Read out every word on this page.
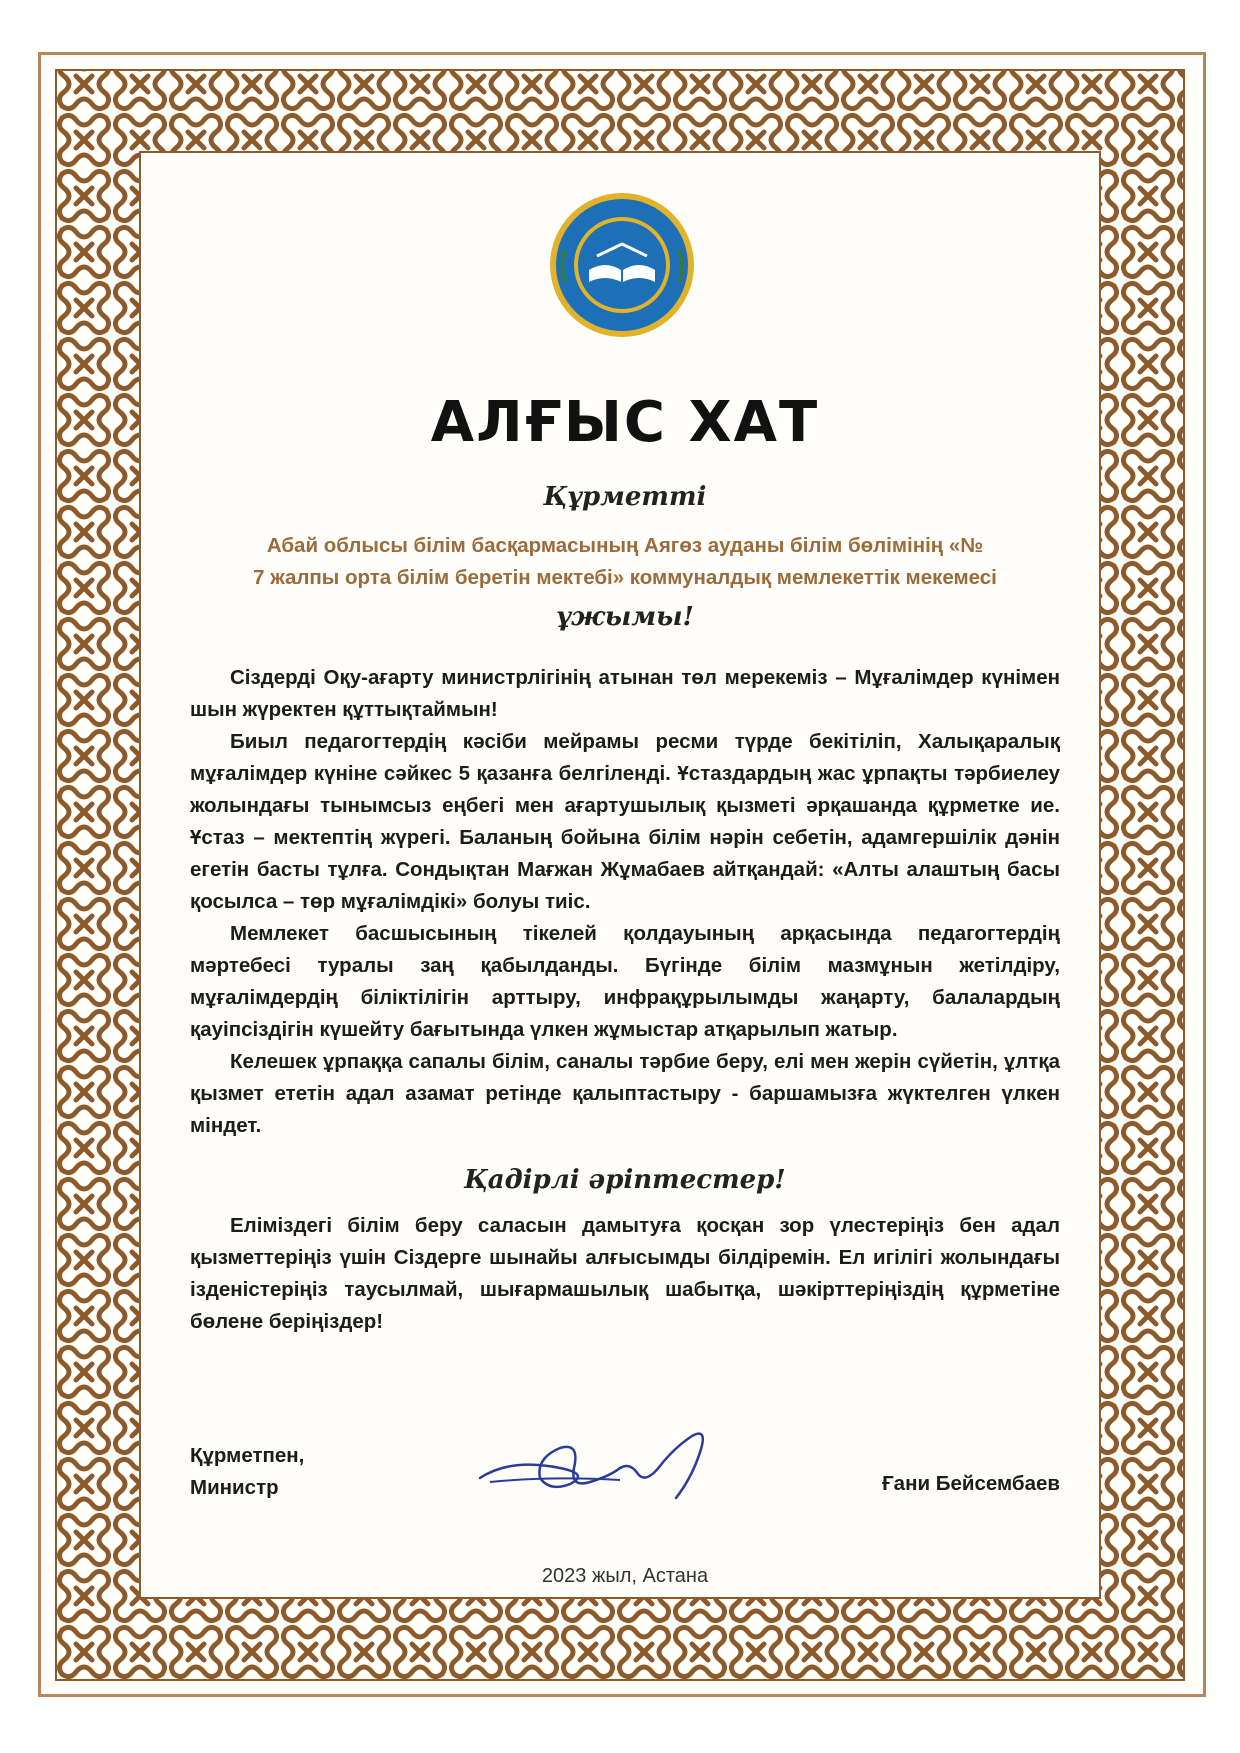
АЛҒЫС ХАТ
Құрметті
Абай облысы білім басқармасының Аягөз ауданы білім бөлімінің «№
7 жалпы орта білім беретін мектебі» коммуналдық мемлекеттік мекемесі
ұжымы!

Сіздерді Оқу-ағарту министрлігінің атынан төл мерекеміз – Мұғалімдер күнімен шын жүректен құттықтаймын!

Биыл педагогтердің кәсіби мейрамы ресми түрде бекітіліп, Халықаралық мұғалімдер күніне сәйкес 5 қазанға белгіленді. Ұстаздардың жас ұрпақты тәрбиелеу жолындағы тынымсыз еңбегі мен ағартушылық қызметі әрқашанда құрметке ие. Ұстаз – мектептің жүрегі. Баланың бойына білім нәрін себетін, адамгершілік дәнін егетін басты тұлға. Сондықтан Мағжан Жұмабаев айтқандай: «Алты алаштың басы қосылса – төр мұғалімдікі» болуы тиіс.

Мемлекет басшысының тікелей қолдауының арқасында педагогтердің мәртебесі туралы заң қабылданды. Бүгінде білім мазмұнын жетілдіру, мұғалімдердің біліктілігін арттыру, инфрақұрылымды жаңарту, балалардың қауіпсіздігін күшейту бағытында үлкен жұмыстар атқарылып жатыр.

Келешек ұрпаққа сапалы білім, саналы тәрбие беру, елі мен жерін сүйетін, ұлтқа қызмет ететін адал азамат ретінде қалыптастыру - баршамызға жүктелген үлкен міндет.

Қадірлі әріптестер!

Еліміздегі білім беру саласын дамытуға қосқан зор үлестеріңіз бен адал қызметтеріңіз үшін Сіздерге шынайы алғысымды білдіремін. Ел игілігі жолындағы ізденістеріңіз таусылмай, шығармашылық шабытқа, шәкірттеріңіздің құрметіне бөлене беріңіздер!

Құрметпен,
Министр	Ғани Бейсембаев
2023 жыл, Астана
